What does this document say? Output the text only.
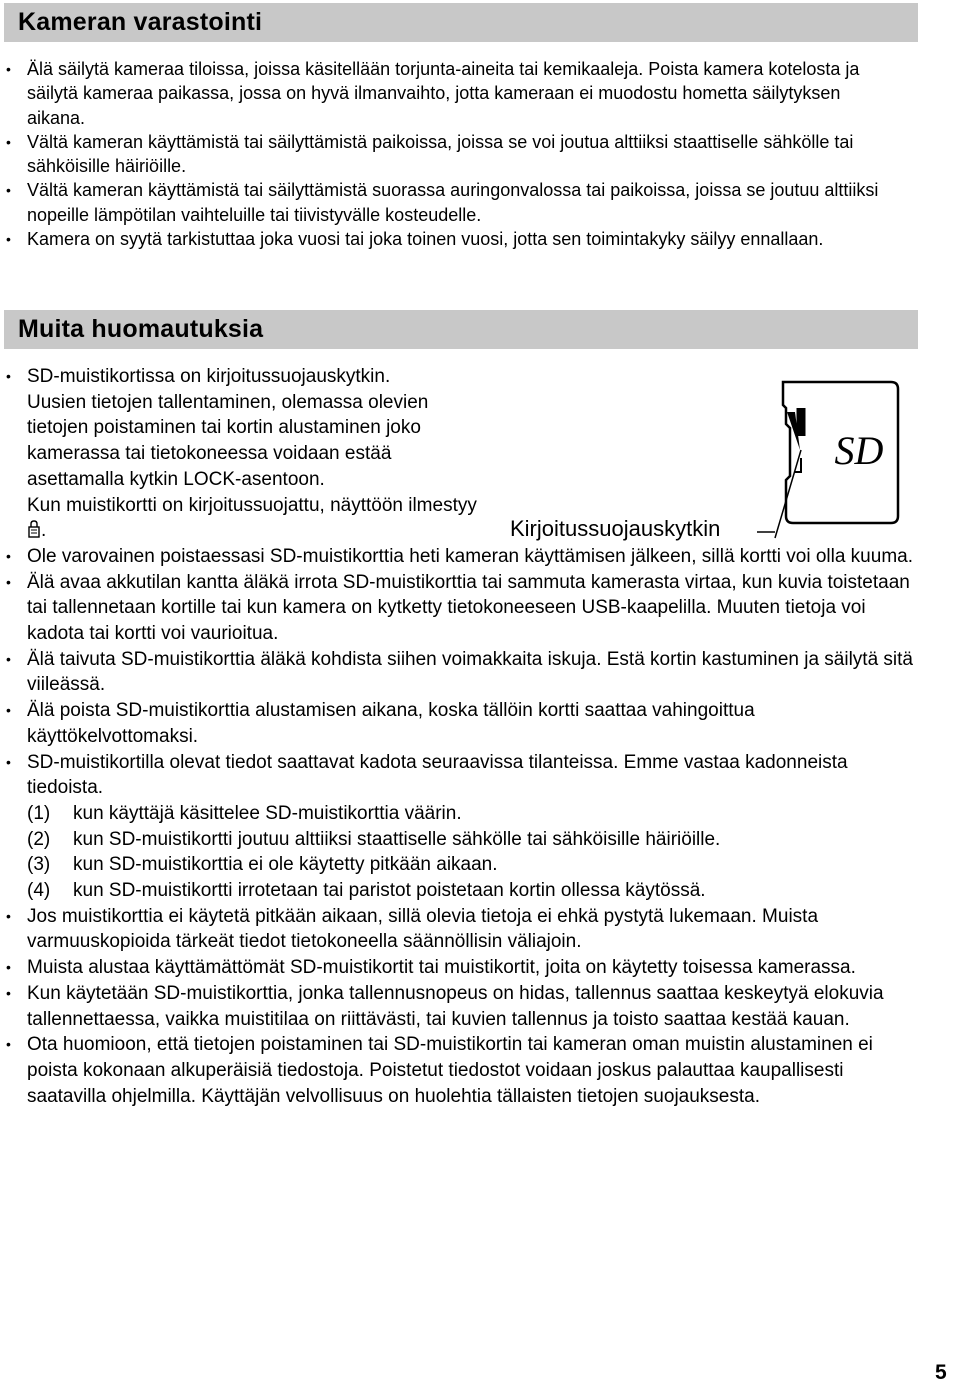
Kameran varastointi
• Älä säilytä kameraa tiloissa, joissa käsitellään torjunta-aineita tai kemikaaleja. Poista kamera kotelosta ja säilytä kameraa paikassa, jossa on hyvä ilmanvaihto, jotta kameraan ei muodostu hometta säilytyksen aikana.
• Vältä kameran käyttämistä tai säilyttämistä paikoissa, joissa se voi joutua alttiiksi staattiselle sähkölle tai sähköisille häiriöille.
• Vältä kameran käyttämistä tai säilyttämistä suorassa auringonvalossa tai paikoissa, joissa se joutuu alttiiksi nopeille lämpötilan vaihteluille tai tiivistyvälle kosteudelle.
• Kamera on syytä tarkistuttaa joka vuosi tai joka toinen vuosi, jotta sen toimintakyky säilyy ennallaan.
Muita huomautuksia
SD
Kirjoitussuojauskytkin
• SD-muistikortissa on kirjoitussuojauskytkin.
Uusien tietojen tallentaminen, olemassa olevien tietojen poistaminen tai kortin alustaminen joko kamerassa tai tietokoneessa voidaan estää asettamalla kytkin LOCK-asentoon.
Kun muistikortti on kirjoitussuojattu, näyttöön ilmestyy .
• Ole varovainen poistaessasi SD-muistikorttia heti kameran käyttämisen jälkeen, sillä kortti voi olla kuuma.
• Älä avaa akkutilan kantta äläkä irrota SD-muistikorttia tai sammuta kamerasta virtaa, kun kuvia toistetaan tai tallennetaan kortille tai kun kamera on kytketty tietokoneeseen USB-kaapelilla. Muuten tietoja voi kadota tai kortti voi vaurioitua.
• Älä taivuta SD-muistikorttia äläkä kohdista siihen voimakkaita iskuja. Estä kortin kastuminen ja säilytä sitä viileässä.
• Älä poista SD-muistikorttia alustamisen aikana, koska tällöin kortti saattaa vahingoittua käyttökelvottomaksi.
• SD-muistikortilla olevat tiedot saattavat kadota seuraavissa tilanteissa. Emme vastaa kadonneista tiedoista.
(1) kun käyttäjä käsittelee SD-muistikorttia väärin.
(2) kun SD-muistikortti joutuu alttiiksi staattiselle sähkölle tai sähköisille häiriöille.
(3) kun SD-muistikorttia ei ole käytetty pitkään aikaan.
(4) kun SD-muistikortti irrotetaan tai paristot poistetaan kortin ollessa käytössä.
• Jos muistikorttia ei käytetä pitkään aikaan, sillä olevia tietoja ei ehkä pystytä lukemaan. Muista varmuuskopioida tärkeät tiedot tietokoneella säännöllisin väliajoin.
• Muista alustaa käyttämättömät SD-muistikortit tai muistikortit, joita on käytetty toisessa kamerassa.
• Kun käytetään SD-muistikorttia, jonka tallennusnopeus on hidas, tallennus saattaa keskeytyä elokuvia tallennettaessa, vaikka muistitilaa on riittävästi, tai kuvien tallennus ja toisto saattaa kestää kauan.
• Ota huomioon, että tietojen poistaminen tai SD-muistikortin tai kameran oman muistin alustaminen ei poista kokonaan alkuperäisiä tiedostoja. Poistetut tiedostot voidaan joskus palauttaa kaupallisesti saatavilla ohjelmilla. Käyttäjän velvollisuus on huolehtia tällaisten tietojen suojauksesta.
5
